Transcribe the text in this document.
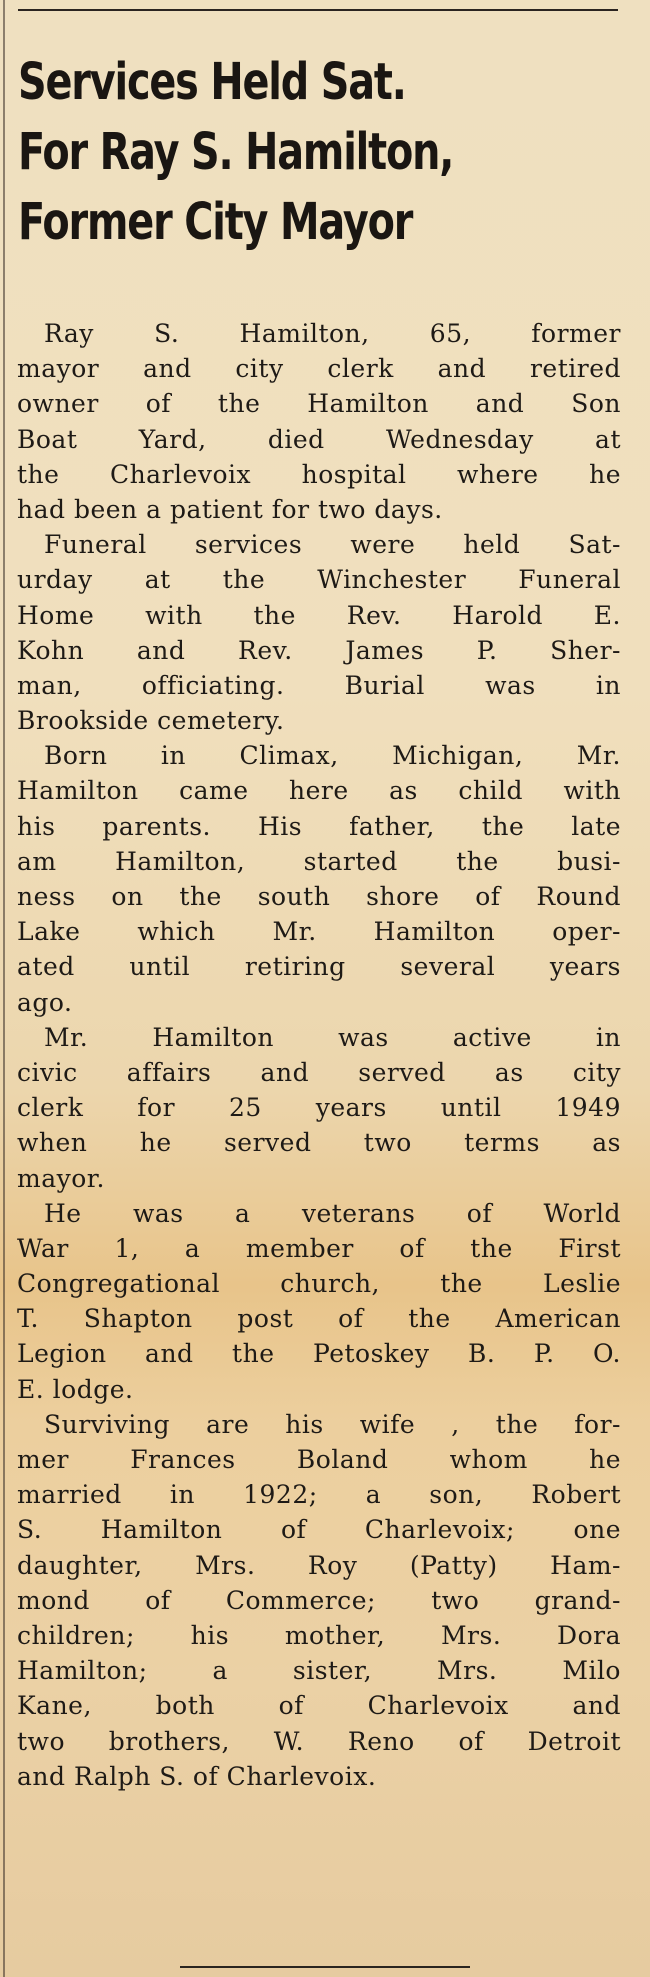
Services Held Sat.
For Ray S. Hamilton,
Former City Mayor

Ray S. Hamilton, 65, former
mayor and city clerk and retired
owner of the Hamilton and Son
Boat Yard, died Wednesday at
the Charlevoix hospital where he
had been a patient for two days.

Funeral services were held Sat-
urday at the Winchester Funeral
Home with the Rev. Harold E.
Kohn and Rev. James P. Sher-
man, officiating. Burial was in
Brookside cemetery.

Born in Climax, Michigan, Mr.
Hamilton came here as child with
his parents. His father, the late
am Hamilton, started the busi-
ness on the south shore of Round
Lake which Mr. Hamilton oper-
ated until retiring several years
ago.

Mr. Hamilton was active in
civic affairs and served as city
clerk for 25 years until 1949
when he served two terms as
mayor.

He was a veterans of World
War 1, a member of the First
Congregational church, the Leslie
T. Shapton post of the American
Legion and the Petoskey B. P. O.
E. lodge.

Surviving are his wife , the for-
mer Frances Boland whom he
married in 1922; a son, Robert
S. Hamilton of Charlevoix; one
daughter, Mrs. Roy (Patty) Ham-
mond of Commerce; two grand-
children; his mother, Mrs. Dora
Hamilton; a sister, Mrs. Milo
Kane, both of Charlevoix and
two brothers, W. Reno of Detroit
and Ralph S. of Charlevoix.
